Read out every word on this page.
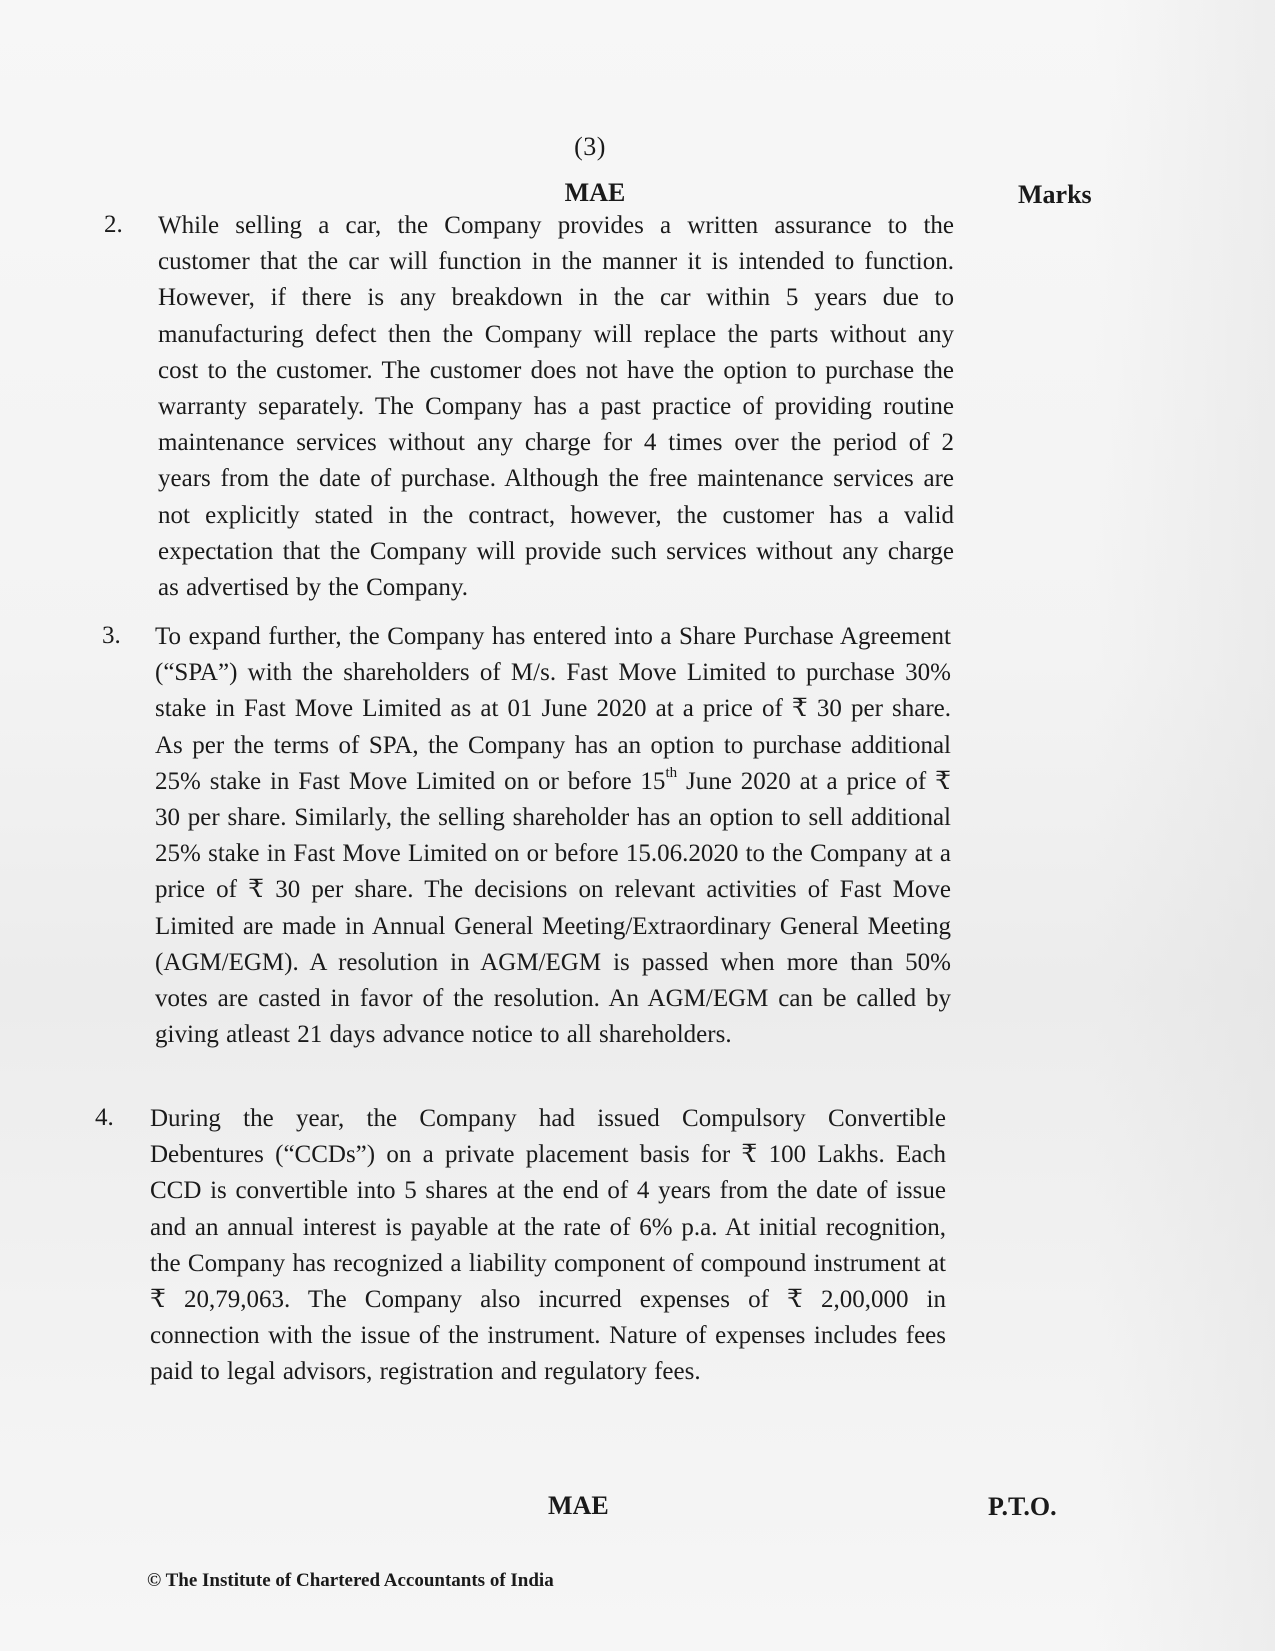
(3)
MAE	Marks
2. While selling a car, the Company provides a written assurance to the customer that the car will function in the manner it is intended to function. However, if there is any breakdown in the car within 5 years due to manufacturing defect then the Company will replace the parts without any cost to the customer. The customer does not have the option to purchase the warranty separately. The Company has a past practice of providing routine maintenance services without any charge for 4 times over the period of 2 years from the date of purchase. Although the free maintenance services are not explicitly stated in the contract, however, the customer has a valid expectation that the Company will provide such services without any charge as advertised by the Company.
3. To expand further, the Company has entered into a Share Purchase Agreement (“SPA”) with the shareholders of M/s. Fast Move Limited to purchase 30% stake in Fast Move Limited as at 01 June 2020 at a price of ₹ 30 per share. As per the terms of SPA, the Company has an option to purchase additional 25% stake in Fast Move Limited on or before 15th June 2020 at a price of ₹ 30 per share. Similarly, the selling shareholder has an option to sell additional 25% stake in Fast Move Limited on or before 15.06.2020 to the Company at a price of ₹ 30 per share. The decisions on relevant activities of Fast Move Limited are made in Annual General Meeting/Extraordinary General Meeting (AGM/EGM). A resolution in AGM/EGM is passed when more than 50% votes are casted in favor of the resolution. An AGM/EGM can be called by giving atleast 21 days advance notice to all shareholders.
4. During the year, the Company had issued Compulsory Convertible Debentures (“CCDs”) on a private placement basis for ₹ 100 Lakhs. Each CCD is convertible into 5 shares at the end of 4 years from the date of issue and an annual interest is payable at the rate of 6% p.a. At initial recognition, the Company has recognized a liability component of compound instrument at ₹ 20,79,063. The Company also incurred expenses of ₹ 2,00,000 in connection with the issue of the instrument. Nature of expenses includes fees paid to legal advisors, registration and regulatory fees.
MAE	P.T.O.
© The Institute of Chartered Accountants of India
